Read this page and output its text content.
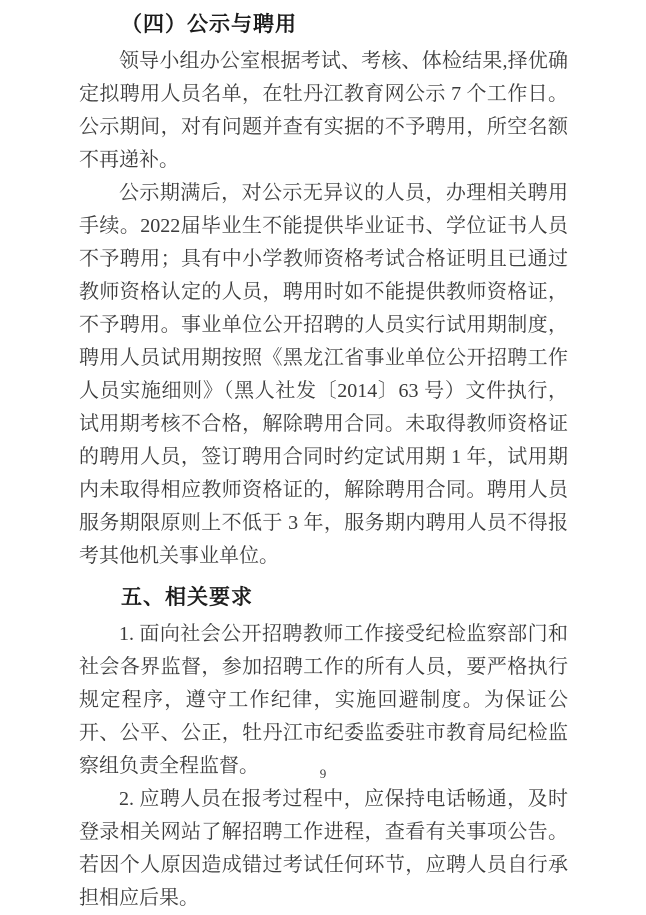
（四）公示与聘用

领导小组办公室根据考试、考核、体检结果,择优确定拟聘用人员名单，在牡丹江教育网公示 7 个工作日。公示期间，对有问题并查有实据的不予聘用，所空名额不再递补。

公示期满后，对公示无异议的人员，办理相关聘用手续。2022届毕业生不能提供毕业证书、学位证书人员不予聘用；具有中小学教师资格考试合格证明且已通过教师资格认定的人员，聘用时如不能提供教师资格证，不予聘用。事业单位公开招聘的人员实行试用期制度，聘用人员试用期按照《黑龙江省事业单位公开招聘工作人员实施细则》（黑人社发〔2014〕63 号）文件执行，试用期考核不合格，解除聘用合同。未取得教师资格证的聘用人员，签订聘用合同时约定试用期 1 年，试用期内未取得相应教师资格证的，解除聘用合同。聘用人员服务期限原则上不低于 3 年，服务期内聘用人员不得报考其他机关事业单位。

五、相关要求

1. 面向社会公开招聘教师工作接受纪检监察部门和社会各界监督，参加招聘工作的所有人员，要严格执行规定程序，遵守工作纪律，实施回避制度。为保证公开、公平、公正，牡丹江市纪委监委驻市教育局纪检监察组负责全程监督。

2. 应聘人员在报考过程中，应保持电话畅通，及时登录相关网站了解招聘工作进程，查看有关事项公告。若因个人原因造成错过考试任何环节，应聘人员自行承担相应后果。

9
